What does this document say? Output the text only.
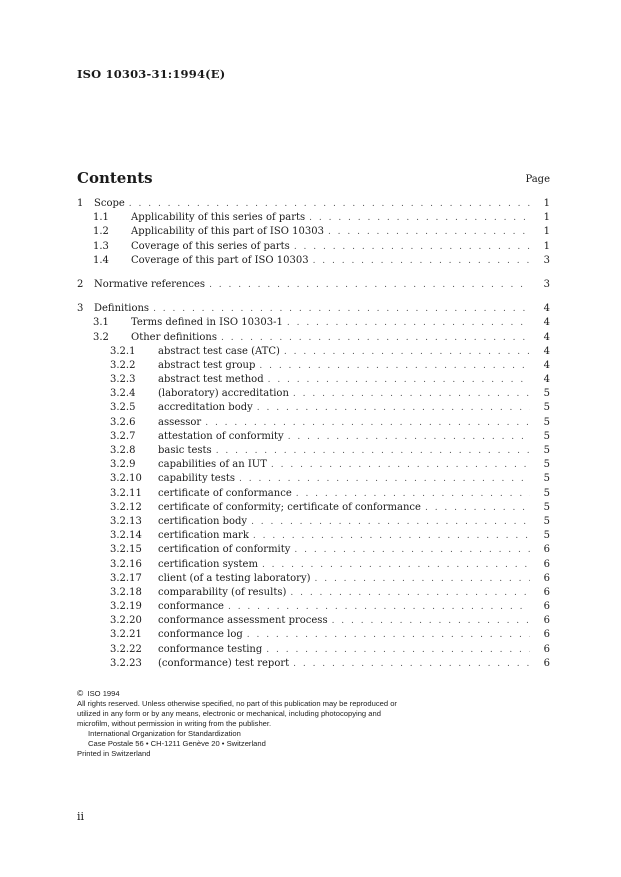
ISO 10303-31:1994(E)
Contents	Page
1	Scope . . .	1
1.1	Applicability of this series of parts . . .	1
1.2	Applicability of this part of ISO 10303 . . .	1
1.3	Coverage of this series of parts . . .	1
1.4	Coverage of this part of ISO 10303 . . .	3
2	Normative references . . .	3
3	Definitions . . .	4
3.1	Terms defined in ISO 10303-1 . . .	4
3.2	Other definitions . . .	4
3.2.1	abstract test case (ATC) . . .	4
3.2.2	abstract test group . . .	4
3.2.3	abstract test method . . .	4
3.2.4	(laboratory) accreditation . . .	5
3.2.5	accreditation body . . .	5
3.2.6	assessor . . .	5
3.2.7	attestation of conformity . . .	5
3.2.8	basic tests . . .	5
3.2.9	capabilities of an IUT . . .	5
3.2.10	capability tests . . .	5
3.2.11	certificate of conformance . . .	5
3.2.12	certificate of conformity; certificate of conformance . . .	5
3.2.13	certification body . . .	5
3.2.14	certification mark . . .	5
3.2.15	certification of conformity . . .	6
3.2.16	certification system . . .	6
3.2.17	client (of a testing laboratory) . . .	6
3.2.18	comparability (of results) . . .	6
3.2.19	conformance . . .	6
3.2.20	conformance assessment process . . .	6
3.2.21	conformance log . . .	6
3.2.22	conformance testing . . .	6
3.2.23	(conformance) test report . . .	6
© ISO 1994
All rights reserved. Unless otherwise specified, no part of this publication may be reproduced or
utilized in any form or by any means, electronic or mechanical, including photocopying and
microfilm, without permission in writing from the publisher.
International Organization for Standardization
Case Postale 56 • CH-1211 Genève 20 • Switzerland
Printed in Switzerland
ii
